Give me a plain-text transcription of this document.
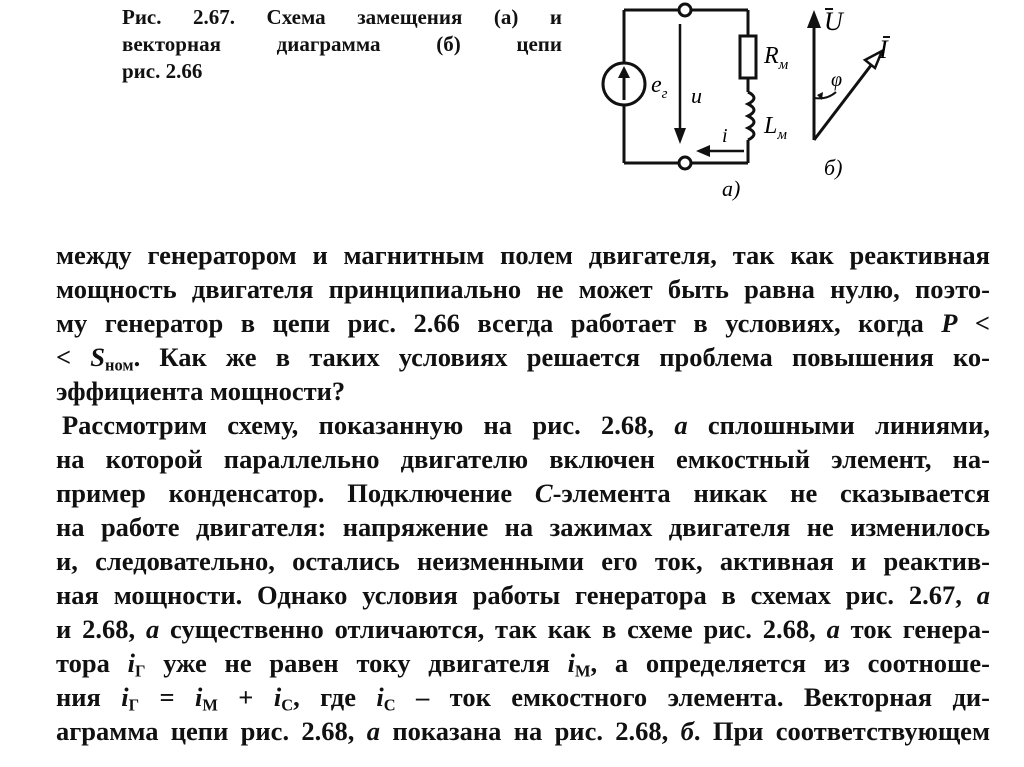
Рис. 2.67. Схема замещения (а) и
векторная диаграмма (б) цепи
рис. 2.66
$e_г$ u
$R_м$
$L_м$
i
а)
U
I
φ
б)
между генератором и магнитным полем двигателя, так как реактивная
мощность двигателя принципиально не может быть равна нулю, поэто-
му генератор в цепи рис. 2.66 всегда работает в условиях, когда P <
< $S_{ном}$. Как же в таких условиях решается проблема повышения ко-
эффициента мощности?
Рассмотрим схему, показанную на рис. 2.68, а сплошными линиями,
на которой параллельно двигателю включен емкостный элемент, на-
пример конденсатор. Подключение С-элемента никак не сказывается
на работе двигателя: напряжение на зажимах двигателя не изменилось
и, следовательно, остались неизменными его ток, активная и реактив-
ная мощности. Однако условия работы генератора в схемах рис. 2.67, а
и 2.68, а существенно отличаются, так как в схеме рис. 2.68, а ток генера-
тора $i_Г$ уже не равен току двигателя $i_М$, а определяется из соотноше-
ния $i_Г = i_М + i_С$, где $i_С$ – ток емкостного элемента. Векторная ди-
аграмма цепи рис. 2.68, а показана на рис. 2.68, б. При соответствующем
